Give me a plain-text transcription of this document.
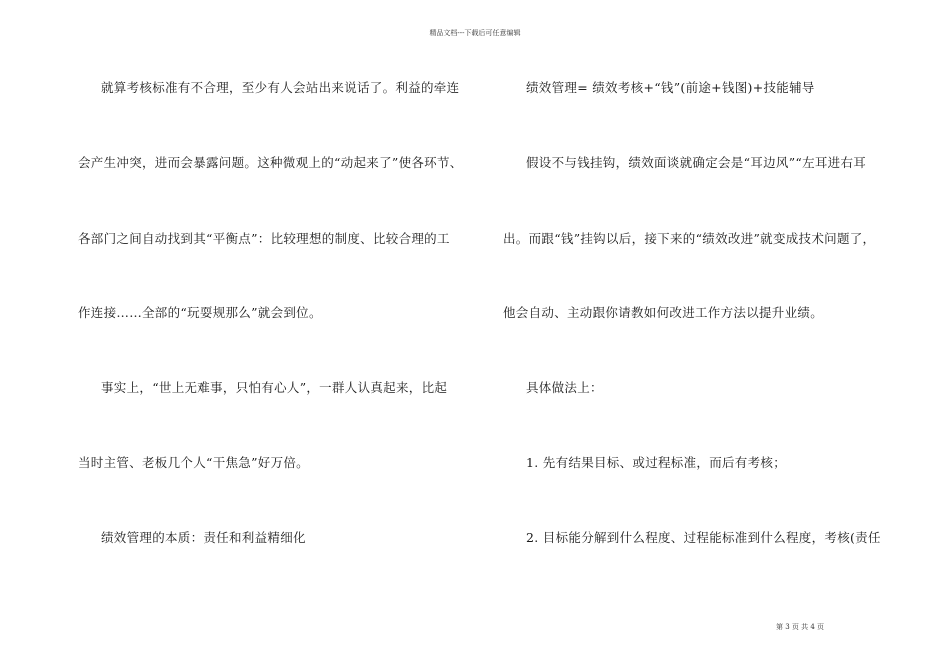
精品文档---下载后可任意编辑
就算考核标准有不合理，至少有人会站出来说话了。利益的牵连
会产生冲突，进而会暴露问题。这种微观上的“动起来了”使各环节、
各部门之间自动找到其“平衡点”：比较理想的制度、比较合理的工
作连接……全部的“玩耍规那么”就会到位。
事实上，“世上无难事，只怕有心人”，一群人认真起来，比起
当时主管、老板几个人“干焦急”好万倍。
绩效管理的本质：责任和利益精细化
绩效管理= 绩效考核+“钱”(前途+钱图)+技能辅导
假设不与钱挂钩，绩效面谈就确定会是“耳边风”“左耳进右耳
出。而跟“钱”挂钩以后，接下来的“绩效改进”就变成技术问题了，
他会自动、主动跟你请教如何改进工作方法以提升业绩。
具体做法上：
1. 先有结果目标、或过程标准，而后有考核；
2. 目标能分解到什么程度、过程能标准到什么程度，考核(责任
第 3 页 共 4 页
